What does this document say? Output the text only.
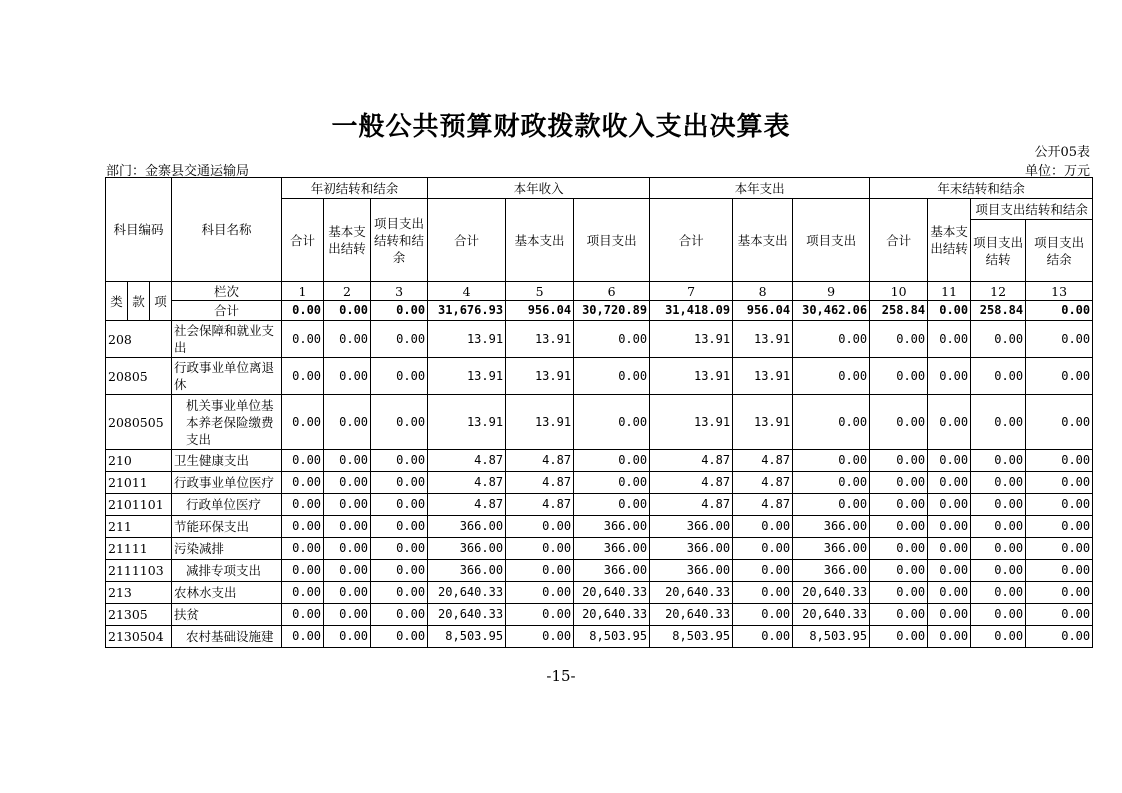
一般公共预算财政拨款收入支出决算表
公开05表
部门：金寨县交通运输局	单位：万元
科目编码			科目名称	年初结转和结余			本年收入			本年支出			年末结转和结余			
				合计	基本支出结转	项目支出结转和结余	合计	基本支出	项目支出	合计	基本支出	项目支出	合计	基本支出结转	项目支出结转和结余	
															项目支出结转	项目支出结余
类	款	项	栏次	1	2	3	4	5	6	7	8	9	10	11	12	13
			合计	0.00	0.00	0.00	31,676.93	956.04	30,720.89	31,418.09	956.04	30,462.06	258.84	0.00	258.84	0.00
208			社会保障和就业支出	0.00	0.00	0.00	13.91	13.91	0.00	13.91	13.91	0.00	0.00	0.00	0.00	0.00
20805			行政事业单位离退休	0.00	0.00	0.00	13.91	13.91	0.00	13.91	13.91	0.00	0.00	0.00	0.00	0.00
2080505			机关事业单位基本养老保险缴费支出	0.00	0.00	0.00	13.91	13.91	0.00	13.91	13.91	0.00	0.00	0.00	0.00	0.00
210			卫生健康支出	0.00	0.00	0.00	4.87	4.87	0.00	4.87	4.87	0.00	0.00	0.00	0.00	0.00
21011			行政事业单位医疗	0.00	0.00	0.00	4.87	4.87	0.00	4.87	4.87	0.00	0.00	0.00	0.00	0.00
2101101			行政单位医疗	0.00	0.00	0.00	4.87	4.87	0.00	4.87	4.87	0.00	0.00	0.00	0.00	0.00
211			节能环保支出	0.00	0.00	0.00	366.00	0.00	366.00	366.00	0.00	366.00	0.00	0.00	0.00	0.00
21111			污染减排	0.00	0.00	0.00	366.00	0.00	366.00	366.00	0.00	366.00	0.00	0.00	0.00	0.00
2111103			减排专项支出	0.00	0.00	0.00	366.00	0.00	366.00	366.00	0.00	366.00	0.00	0.00	0.00	0.00
213			农林水支出	0.00	0.00	0.00	20,640.33	0.00	20,640.33	20,640.33	0.00	20,640.33	0.00	0.00	0.00	0.00
21305			扶贫	0.00	0.00	0.00	20,640.33	0.00	20,640.33	20,640.33	0.00	20,640.33	0.00	0.00	0.00	0.00
2130504			农村基础设施建	0.00	0.00	0.00	8,503.95	0.00	8,503.95	8,503.95	0.00	8,503.95	0.00	0.00	0.00	0.00
-15-
